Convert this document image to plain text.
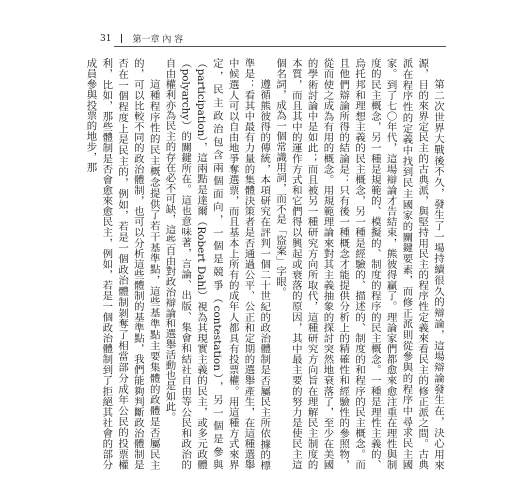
31 第一章 內 容

第二次世界大戰後不久，發生了一場持續很久的辯論，這場辯論發生在，決心用來源，目的來界定民主的古典派，與堅持用民主的程序性定義來看民主的修正派之間。古典派在程序性的定義中找到民主國家的關鍵要素，而修正派則從參與的程序中尋求民主國家。到了七〇年代，這場辯論才告結束，熊彼得贏了。理論家們都愈來愈注重在理性與制度的民主概念，另一種是規範的、模擬的、制度的程序的民主概念。一種是理性主義的、烏托邦和理想主義的民主概念，另一種是經驗的、描述的、制度的和程序的民主概念。而且他們辯論所得的結論是：只有後一種概念才能提供分析上的精確性和經驗性的參照物，從而使之成為有用的概念。用規範理論來對其主義抽象的探討突然地衰落了，至少在美國的學術討論中是如此；而且被另一種研究方向所取代，這種研究方向旨在理解民主制度的本質，而且其中的運作方式和它們得以興起或衰落的原因，其中最主要的努力是使民主這個名詞，成為一個常識用詞，而不是「盜案」字眼。

遵循熊彼得的傳統，本項研究在評判一個二十世紀的政治體制是否屬民主所依據的標準是：看其中最有力量的集體決策者是否通過公平、公正和定期的選舉產生，在這種選舉中候選人可以自由地爭奪選票，而且基本上所有的成年人都具有投票權。用這種方式來界定，民主政治包含兩個面向，一個是競爭（contestation），另一個是參與（participation），這兩點是達爾（Robert Dahl）視為其現實主義的民主，或多元政體（polyarchy）的關鍵所在。這也意味著，言論、出版、集會和結社自由等公民和政治的自由權利亦為民主的存在必不可缺，這些自由對政治辯論和選舉活動也是如此。

這種程序性的民主概念提供了若干基準點，這些基準點主要集體的政體是否屬民主的，可以比較不同的政治體制，也可以分析這些體制的基準點，我們能夠判斷政治體制是否在一個程度上是民主的，例如，若是一個政治體制剝奪了相當部分成年公民的投票權利，比如，那些體制是否會愈來愈民主，例如，若是一個政治體制到了拒絕其社會的部分成員參與投票的地步，那
